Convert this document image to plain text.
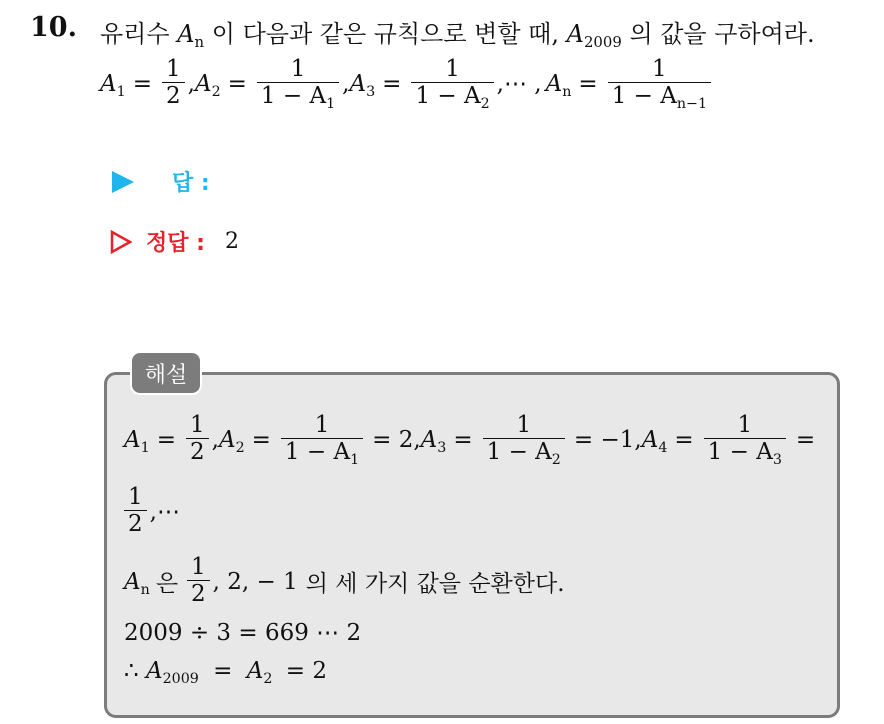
10. 유리수 $A_n$ 이 다음과 같은 규칙으로 변할 때, $A_{2009}$ 의 값을 구하여라.
$A_1 = \frac{1}{2}$ , $A_2 = \frac{1}{1 - A_1}$ , $A_3 = \frac{1}{1 - A_2}$ ,⋯ , $A_n = \frac{1}{1 - A_{n-1}}$
답 :
정답 : 2
해설
$A_1 = \frac{1}{2}$ , $A_2 = \frac{1}{1 - A_1} = 2$, $A_3 = \frac{1}{1 - A_2} = -1$, $A_4 = \frac{1}{1 - A_3}$ =
$\frac{1}{2}$ ,⋯
$A_n$ 은 $\frac{1}{2}$ , 2, − 1 의 세 가지 값을 순환한다.
2009 ÷ 3 = 669 ⋯ 2
∴ $A_{2009} = A_2 = 2$
